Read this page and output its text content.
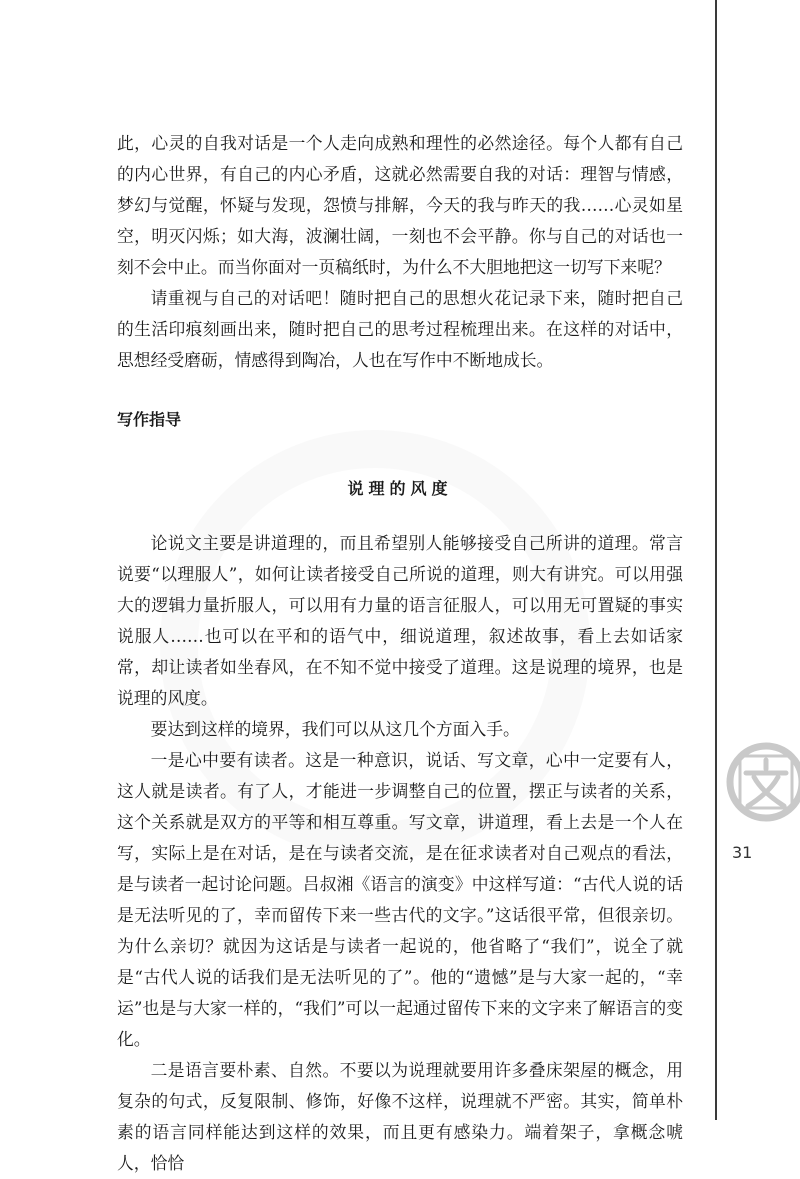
31

此，心灵的自我对话是一个人走向成熟和理性的必然途径。每个人都有自己的内心世界，有自己的内心矛盾，这就必然需要自我的对话：理智与情感，梦幻与觉醒，怀疑与发现，怨愤与排解，今天的我与昨天的我……心灵如星空，明灭闪烁；如大海，波澜壮阔，一刻也不会平静。你与自己的对话也一刻不会中止。而当你面对一页稿纸时，为什么不大胆地把这一切写下来呢？

请重视与自己的对话吧！随时把自己的思想火花记录下来，随时把自己的生活印痕刻画出来，随时把自己的思考过程梳理出来。在这样的对话中，思想经受磨砺，情感得到陶冶，人也在写作中不断地成长。

写作指导
说理的风度

论说文主要是讲道理的，而且希望别人能够接受自己所讲的道理。常言说要“以理服人”，如何让读者接受自己所说的道理，则大有讲究。可以用强大的逻辑力量折服人，可以用有力量的语言征服人，可以用无可置疑的事实说服人……也可以在平和的语气中，细说道理，叙述故事，看上去如话家常，却让读者如坐春风，在不知不觉中接受了道理。这是说理的境界，也是说理的风度。

要达到这样的境界，我们可以从这几个方面入手。

一是心中要有读者。这是一种意识，说话、写文章，心中一定要有人，这人就是读者。有了人，才能进一步调整自己的位置，摆正与读者的关系，这个关系就是双方的平等和相互尊重。写文章，讲道理，看上去是一个人在写，实际上是在对话，是在与读者交流，是在征求读者对自己观点的看法，是与读者一起讨论问题。吕叔湘《语言的演变》中这样写道：“古代人说的话是无法听见的了，幸而留传下来一些古代的文字。”这话很平常，但很亲切。为什么亲切？就因为这话是与读者一起说的，他省略了“我们”，说全了就是“古代人说的话我们是无法听见的了”。他的“遗憾”是与大家一起的，“幸运”也是与大家一样的，“我们”可以一起通过留传下来的文字来了解语言的变化。

二是语言要朴素、自然。不要以为说理就要用许多叠床架屋的概念，用复杂的句式，反复限制、修饰，好像不这样，说理就不严密。其实，简单朴素的语言同样能达到这样的效果，而且更有感染力。端着架子，拿概念唬人，恰恰
